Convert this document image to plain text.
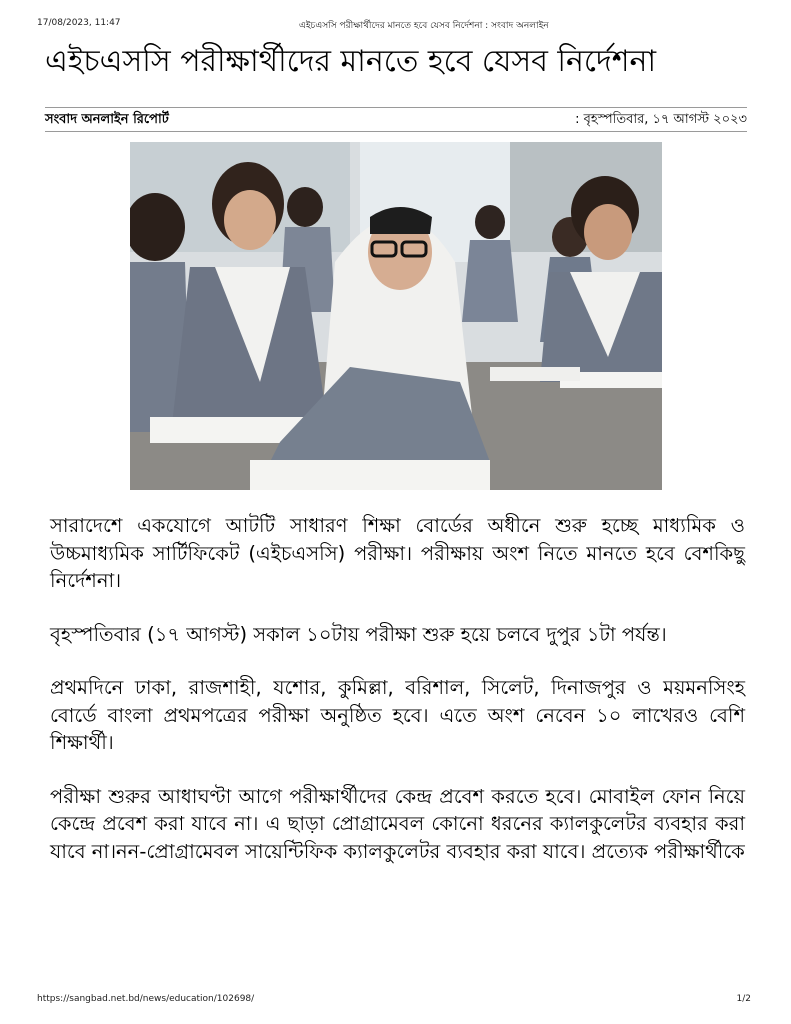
17/08/2023, 11:47	এইচএসসি পরীক্ষার্থীদের মানতে হবে যেসব নির্দেশনা : সংবাদ অনলাইন
এইচএসসি পরীক্ষার্থীদের মানতে হবে যেসব নির্দেশনা
সংবাদ অনলাইন রিপোর্ট	: বৃহস্পতিবার, ১৭ আগস্ট ২০২৩

সারাদেশে একযোগে আটটি সাধারণ শিক্ষা বোর্ডের অধীনে শুরু হচ্ছে মাধ্যমিক ও উচ্চমাধ্যমিক সার্টিফিকেট (এইচএসসি) পরীক্ষা। পরীক্ষায় অংশ নিতে মানতে হবে বেশকিছু নির্দেশনা।

বৃহস্পতিবার (১৭ আগস্ট) সকাল ১০টায় পরীক্ষা শুরু হয়ে চলবে দুপুর ১টা পর্যন্ত।

প্রথমদিনে ঢাকা, রাজশাহী, যশোর, কুমিল্লা, বরিশাল, সিলেট, দিনাজপুর ও ময়মনসিংহ বোর্ডে বাংলা প্রথমপত্রের পরীক্ষা অনুষ্ঠিত হবে। এতে অংশ নেবেন ১০ লাখেরও বেশি শিক্ষার্থী।

পরীক্ষা শুরুর আধাঘণ্টা আগে পরীক্ষার্থীদের কেন্দ্র প্রবেশ করতে হবে। মোবাইল ফোন নিয়ে কেন্দ্রে প্রবেশ করা যাবে না। এ ছাড়া প্রোগ্রামেবল কোনো ধরনের ক্যালকুলেটর ব্যবহার করা যাবে না।নন-প্রোগ্রামেবল সায়েন্টিফিক ক্যালকুলেটর ব্যবহার করা যাবে। প্রত্যেক পরীক্ষার্থীকে

https://sangbad.net.bd/news/education/102698/	1/2
